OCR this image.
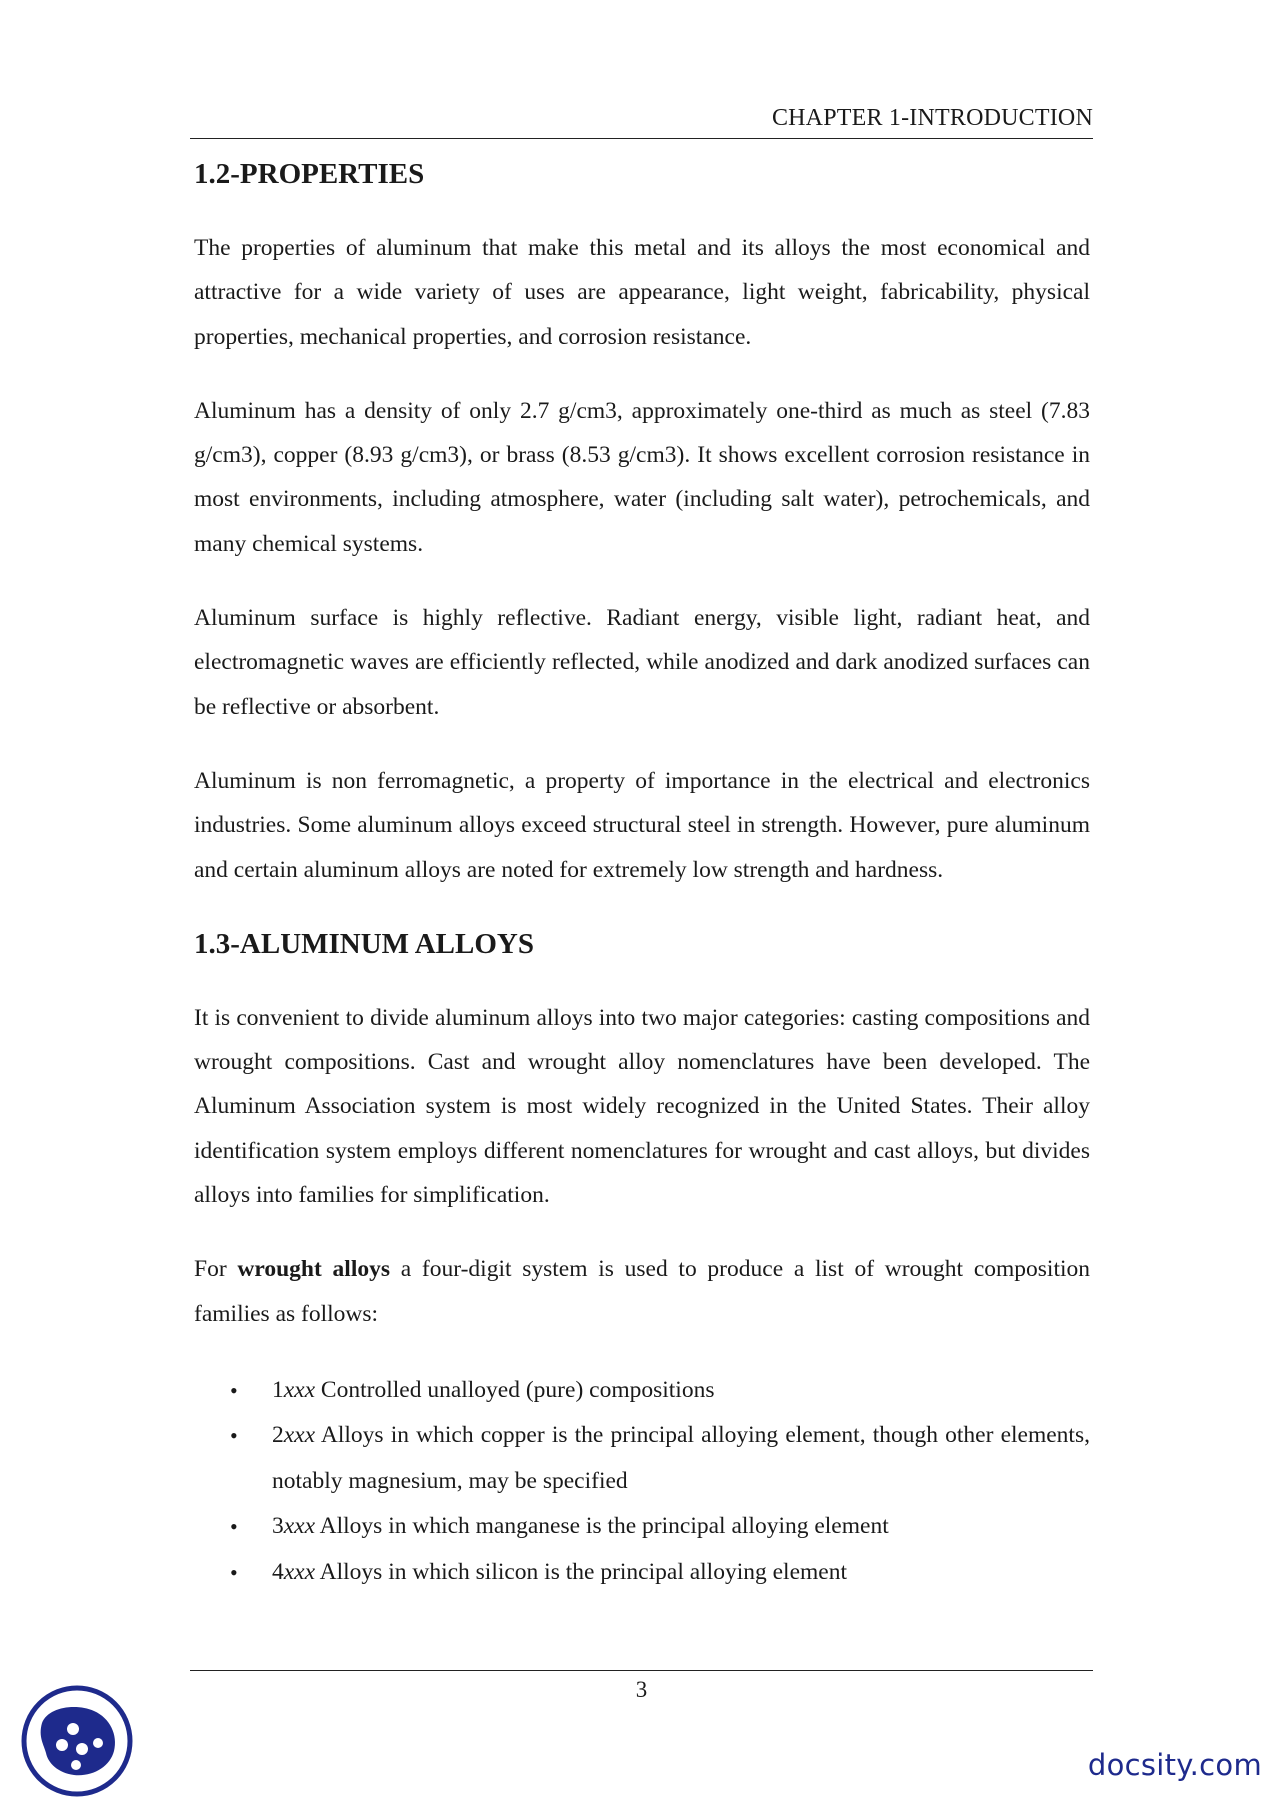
CHAPTER 1-INTRODUCTION
1.2-PROPERTIES

The properties of aluminum that make this metal and its alloys the most economical and attractive for a wide variety of uses are appearance, light weight, fabricability, physical properties, mechanical properties, and corrosion resistance.

Aluminum has a density of only 2.7 g/cm3, approximately one-third as much as steel (7.83 g/cm3), copper (8.93 g/cm3), or brass (8.53 g/cm3). It shows excellent corrosion resistance in most environments, including atmosphere, water (including salt water), petrochemicals, and many chemical systems.

Aluminum surface is highly reflective. Radiant energy, visible light, radiant heat, and electromagnetic waves are efficiently reflected, while anodized and dark anodized surfaces can be reflective or absorbent.

Aluminum is non ferromagnetic, a property of importance in the electrical and electronics industries. Some aluminum alloys exceed structural steel in strength. However, pure aluminum and certain aluminum alloys are noted for extremely low strength and hardness.

1.3-ALUMINUM ALLOYS

It is convenient to divide aluminum alloys into two major categories: casting compositions and wrought compositions. Cast and wrought alloy nomenclatures have been developed. The Aluminum Association system is most widely recognized in the United States. Their alloy identification system employs different nomenclatures for wrought and cast alloys, but divides alloys into families for simplification.

For wrought alloys a four-digit system is used to produce a list of wrought composition families as follows:

• 1xxx Controlled unalloyed (pure) compositions
• 2xxx Alloys in which copper is the principal alloying element, though other elements, notably magnesium, may be specified
• 3xxx Alloys in which manganese is the principal alloying element
• 4xxx Alloys in which silicon is the principal alloying element
3
docsity.com
